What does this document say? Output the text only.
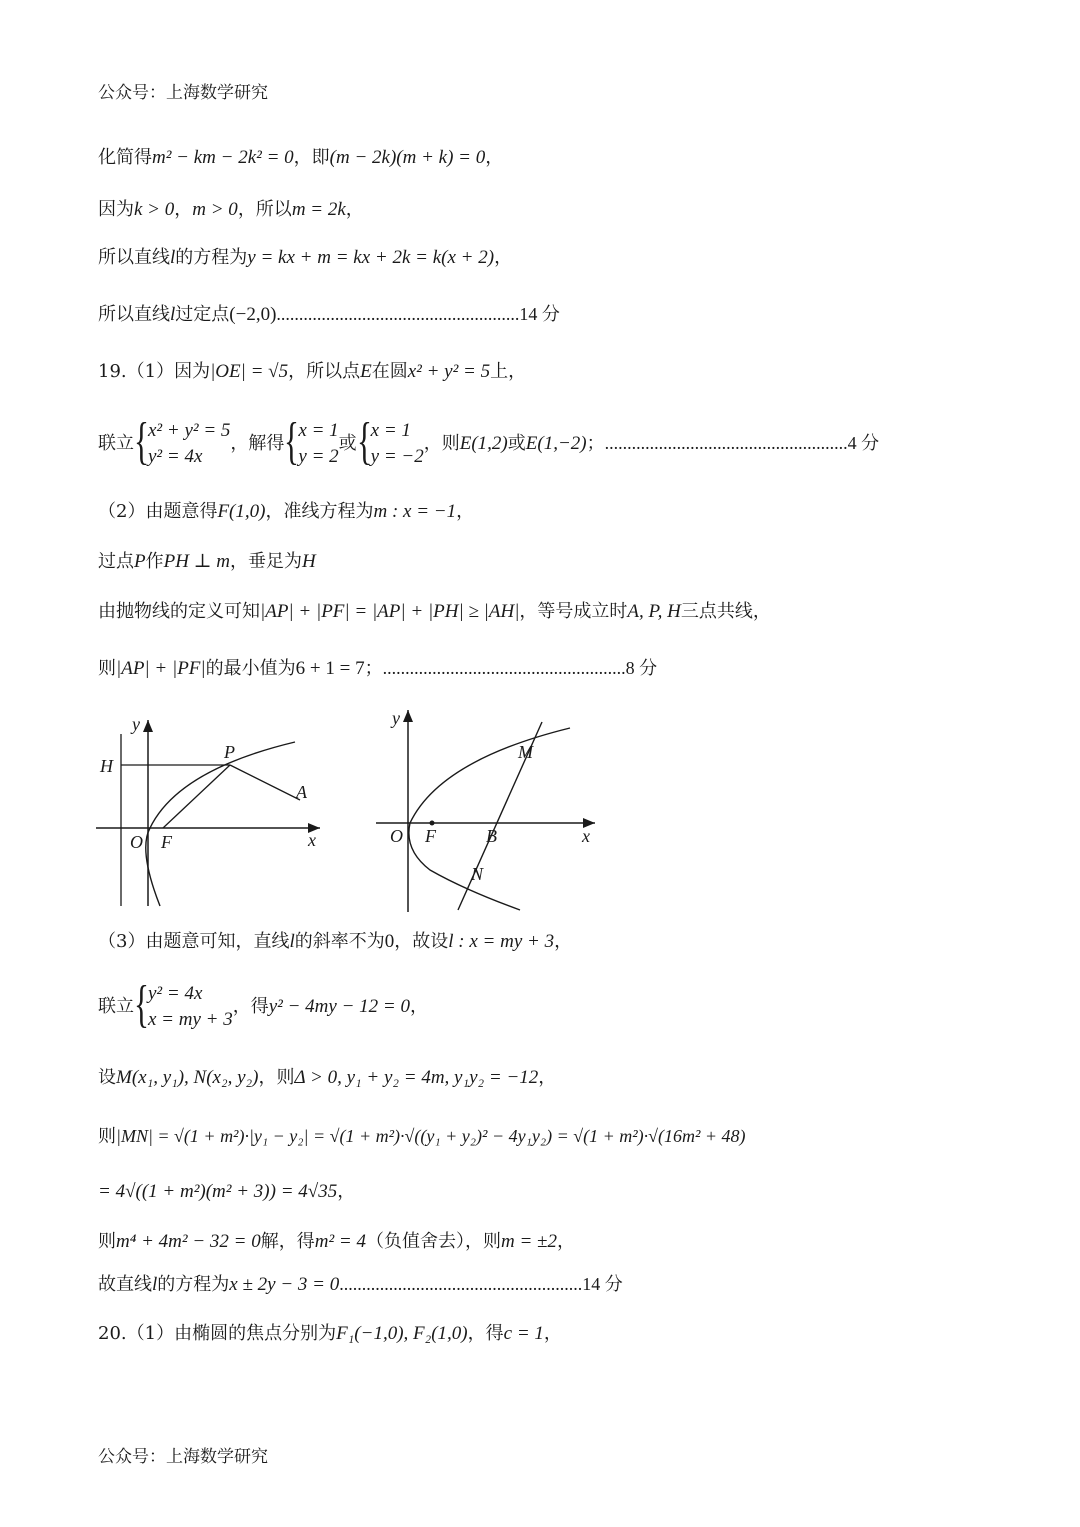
公众号：上海数学研究
化简得m² − km − 2k² = 0，即(m − 2k)(m + k) = 0，
因为k > 0，m > 0，所以m = 2k，
所以直线l的方程为y = kx + m = kx + 2k = k(x + 2)，
所以直线l过定点(−2,0)......................................................14 分
19.（1）因为|OE| = √5，所以点E在圆x² + y² = 5上，
联立 { x² + y² = 5
y² = 4x
，解得 { x = 1
y = 2
或 { x = 1
y = −2
，则E(1,2)或E(1,−2)；......................................................4 分
（2）由题意得F(1,0)，准线方程为m : x = −1，
过点P作PH ⊥ m，垂足为H
由抛物线的定义可知|AP| + |PF| = |AP| + |PH| ≥ |AH|，等号成立时A, P, H三点共线，
则|AP| + |PF|的最小值为6 + 1 = 7；......................................................8 分
y
x
O F
P
H
A
y
x
O F	B
M
N
（3）由题意可知，直线l的斜率不为0，故设l : x = my + 3，
联立 { y² = 4x
x = my + 3
，得y² − 4my − 12 = 0，
设M(x₁, y₁), N(x₂, y₂)，则Δ > 0, y₁ + y₂ = 4m, y₁y₂ = −12，
则|MN| = √(1 + m²)·|y₁ − y₂| = √(1 + m²)·√((y₁ + y₂)² − 4y₁y₂) = √(1 + m²)·√(16m² + 48)
= 4√((1 + m²)(m² + 3)) = 4√35，
则m⁴ + 4m² − 32 = 0解，得m² = 4（负值舍去），则m = ±2，
故直线l的方程为x ± 2y − 3 = 0......................................................14 分
20.（1）由椭圆的焦点分别为F₁(−1,0), F₂(1,0)，得c = 1，
公众号：上海数学研究
